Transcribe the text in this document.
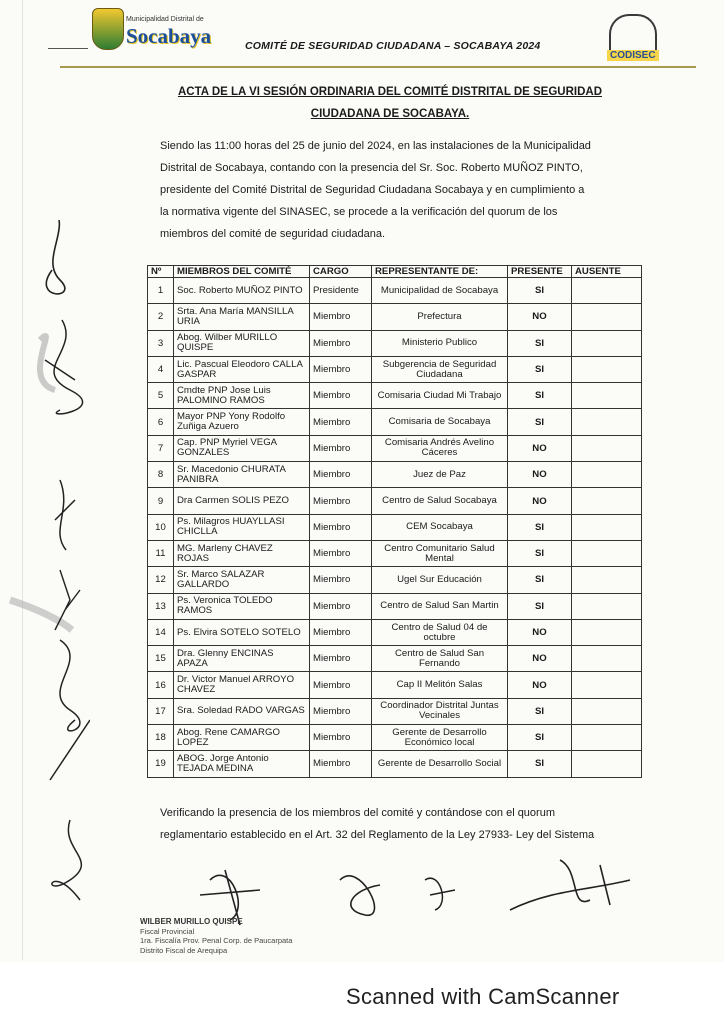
Municipalidad Distrital de
Socabaya	COMITÉ DE SEGURIDAD CIUDADANA – SOCABAYA 2024
CODISEC
ACTA DE LA VI SESIÓN ORDINARIA DEL COMITÉ DISTRITAL DE SEGURIDAD
CIUDADANA DE SOCABAYA.
Siendo las 11:00 horas del 25 de junio del 2024, en las instalaciones de la Municipalidad
Distrital de Socabaya, contando con la presencia del Sr. Soc. Roberto MUÑOZ PINTO,
presidente del Comité Distrital de Seguridad Ciudadana Socabaya y en cumplimiento a
la normativa vigente del SINASEC, se procede a la verificación del quorum de los
miembros del comité de seguridad ciudadana.
Nº	MIEMBROS DEL COMITÉ	CARGO	REPRESENTANTE DE:	PRESENTE	AUSENTE
1	Soc. Roberto MUÑOZ PINTO	Presidente	Municipalidad de Socabaya	SI	
2	Srta. Ana María MANSILLA URIA	Miembro	Prefectura	NO	
3	Abog. Wilber MURILLO QUISPE	Miembro	Ministerio Publico	SI	
4	Lic. Pascual Eleodoro CALLA GASPAR	Miembro	Subgerencia de Seguridad Ciudadana	SI	
5	Cmdte PNP Jose Luis PALOMINO RAMOS	Miembro	Comisaria Ciudad Mi Trabajo	SI	
6	Mayor PNP Yony Rodolfo Zuñiga Azuero	Miembro	Comisaria de Socabaya	SI	
7	Cap. PNP Myriel VEGA GONZALES	Miembro	Comisaria Andrés Avelino Cáceres	NO	
8	Sr. Macedonio CHURATA PANIBRA	Miembro	Juez de Paz	NO	
9	Dra Carmen SOLIS PEZO	Miembro	Centro de Salud Socabaya	NO	
10	Ps. Milagros HUAYLLASI CHICLLA	Miembro	CEM Socabaya	SI	
11	MG. Marleny CHAVEZ ROJAS	Miembro	Centro Comunitario Salud Mental	SI	
12	Sr. Marco SALAZAR GALLARDO	Miembro	Ugel Sur Educación	SI	
13	Ps. Veronica TOLEDO RAMOS	Miembro	Centro de Salud San Martin	SI	
14	Ps. Elvira SOTELO SOTELO	Miembro	Centro de Salud 04 de octubre	NO	
15	Dra. Glenny ENCINAS APAZA	Miembro	Centro de Salud San Fernando	NO	
16	Dr. Victor Manuel ARROYO CHAVEZ	Miembro	Cap II Melitón Salas	NO	
17	Sra. Soledad RADO VARGAS	Miembro	Coordinador Distrital Juntas Vecinales	SI	
18	Abog. Rene CAMARGO LOPEZ	Miembro	Gerente de Desarrollo Económico local	SI	
19	ABOG. Jorge Antonio TEJADA MEDINA	Miembro	Gerente de Desarrollo Social	SI	
Verificando la presencia de los miembros del comité y contándose con el quorum
reglamentario establecido en el Art. 32 del Reglamento de la Ley 27933- Ley del Sistema
WILBER MURILLO QUISPE
Fiscal Provincial
1ra. Fiscalía Prov. Penal Corp. de Paucarpata
Distrito Fiscal de Arequipa
Scanned with CamScanner
